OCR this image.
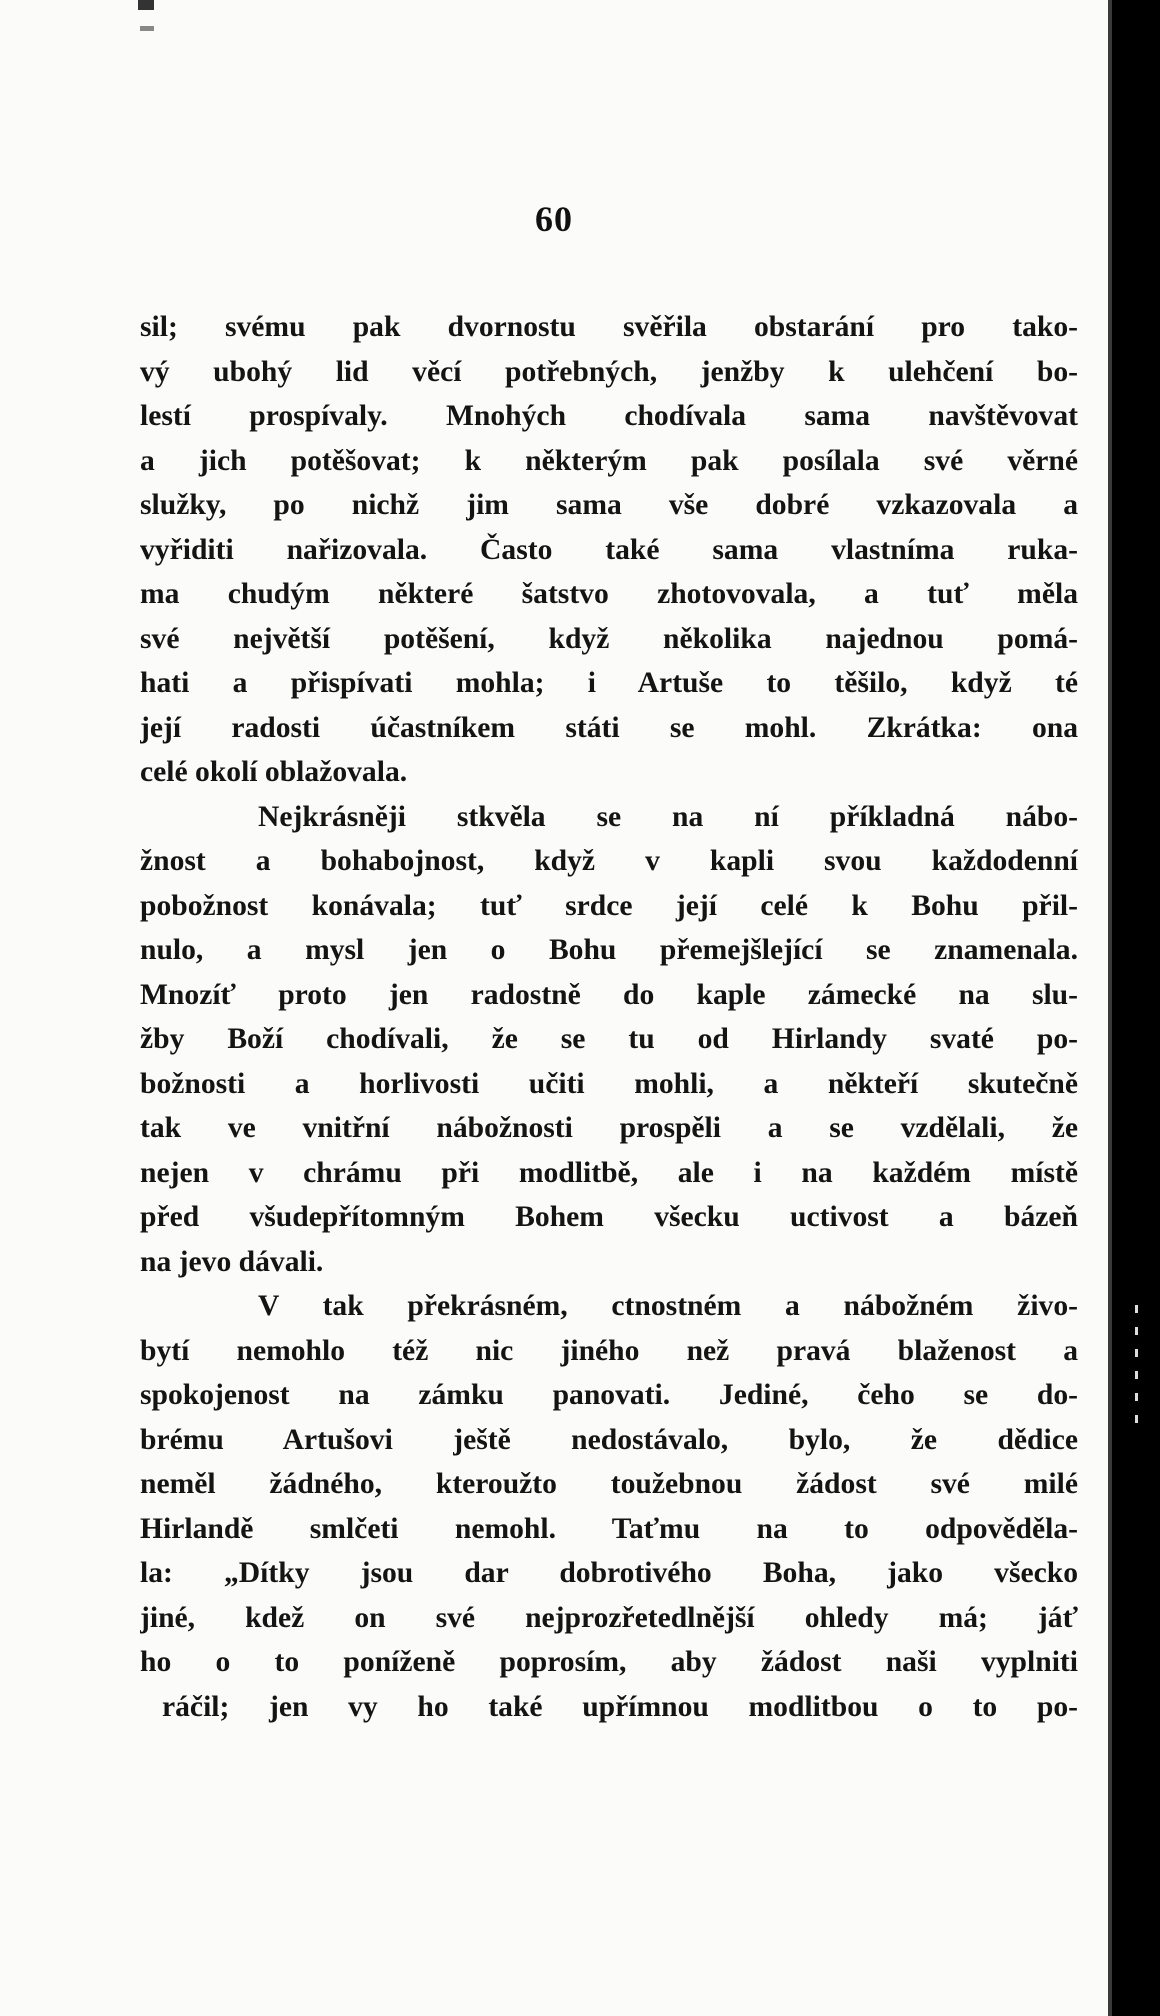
60
sil; svému pak dvornostu svěřila obstarání pro tako-
vý ubohý lid věcí potřebných, jenžby k ulehčení bo-
lestí prospívaly. Mnohých chodívala sama navštěvovat
a jich potěšovat; k některým pak posílala své věrné
služky, po nichž jim sama vše dobré vzkazovala a
vyřiditi nařizovala. Často také sama vlastníma ruka-
ma chudým některé šatstvo zhotovovala, a tuť měla
své největší potěšení, když několika najednou pomá-
hati a přispívati mohla; i Artuše to těšilo, když té
její radosti účastníkem státi se mohl. Zkrátka: ona
celé okolí oblažovala.
Nejkrásněji stkvěla se na ní příkladná nábo-
žnost a bohabojnost, když v kapli svou každodenní
pobožnost konávala; tuť srdce její celé k Bohu přil-
nulo, a mysl jen o Bohu přemejšlející se znamenala.
Mnozíť proto jen radostně do kaple zámecké na slu-
žby Boží chodívali, že se tu od Hirlandy svaté po-
božnosti a horlivosti učiti mohli, a někteří skutečně
tak ve vnitřní nábožnosti prospěli a se vzdělali, že
nejen v chrámu při modlitbě, ale i na každém místě
před všudepřítomným Bohem všecku uctivost a bázeň
na jevo dávali.
V tak překrásném, ctnostném a nábožném živo-
bytí nemohlo též nic jiného než pravá blaženost a
spokojenost na zámku panovati. Jediné, čeho se do-
brému Artušovi ještě nedostávalo, bylo, že dědice
neměl žádného, kteroužto toužebnou žádost své milé
Hirlandě smlčeti nemohl. Taťmu na to odpověděla-
la: „Dítky jsou dar dobrotivého Boha, jako všecko
jiné, kdež on své nejprozřetedlnější ohledy má; jáť
ho o to poníženě poprosím, aby žádost naši vyplniti
ráčil; jen vy ho také upřímnou modlitbou o to po-
